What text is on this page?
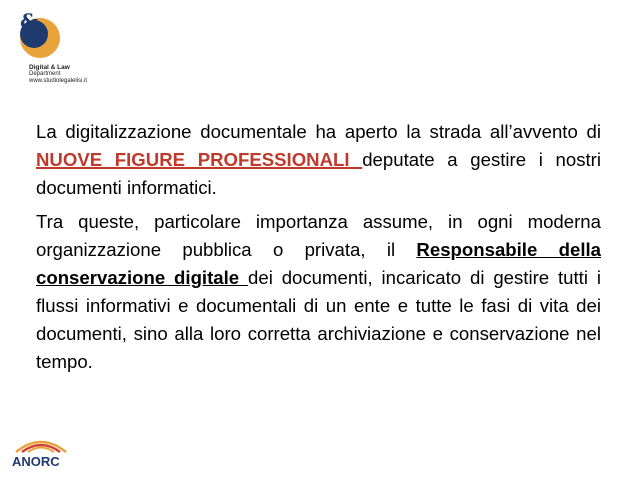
&
Digital & Law
Department
www.studiolegalelisi.it

La digitalizzazione documentale ha aperto la strada all’avvento di NUOVE FIGURE PROFESSIONALI deputate a gestire i nostri documenti informatici.

Tra queste, particolare importanza assume, in ogni moderna organizzazione pubblica o privata, il Responsabile della conservazione digitale dei documenti, incaricato di gestire tutti i flussi informativi e documentali di un ente e tutte le fasi di vita dei documenti, sino alla loro corretta archiviazione e conservazione nel tempo.

ANORC
